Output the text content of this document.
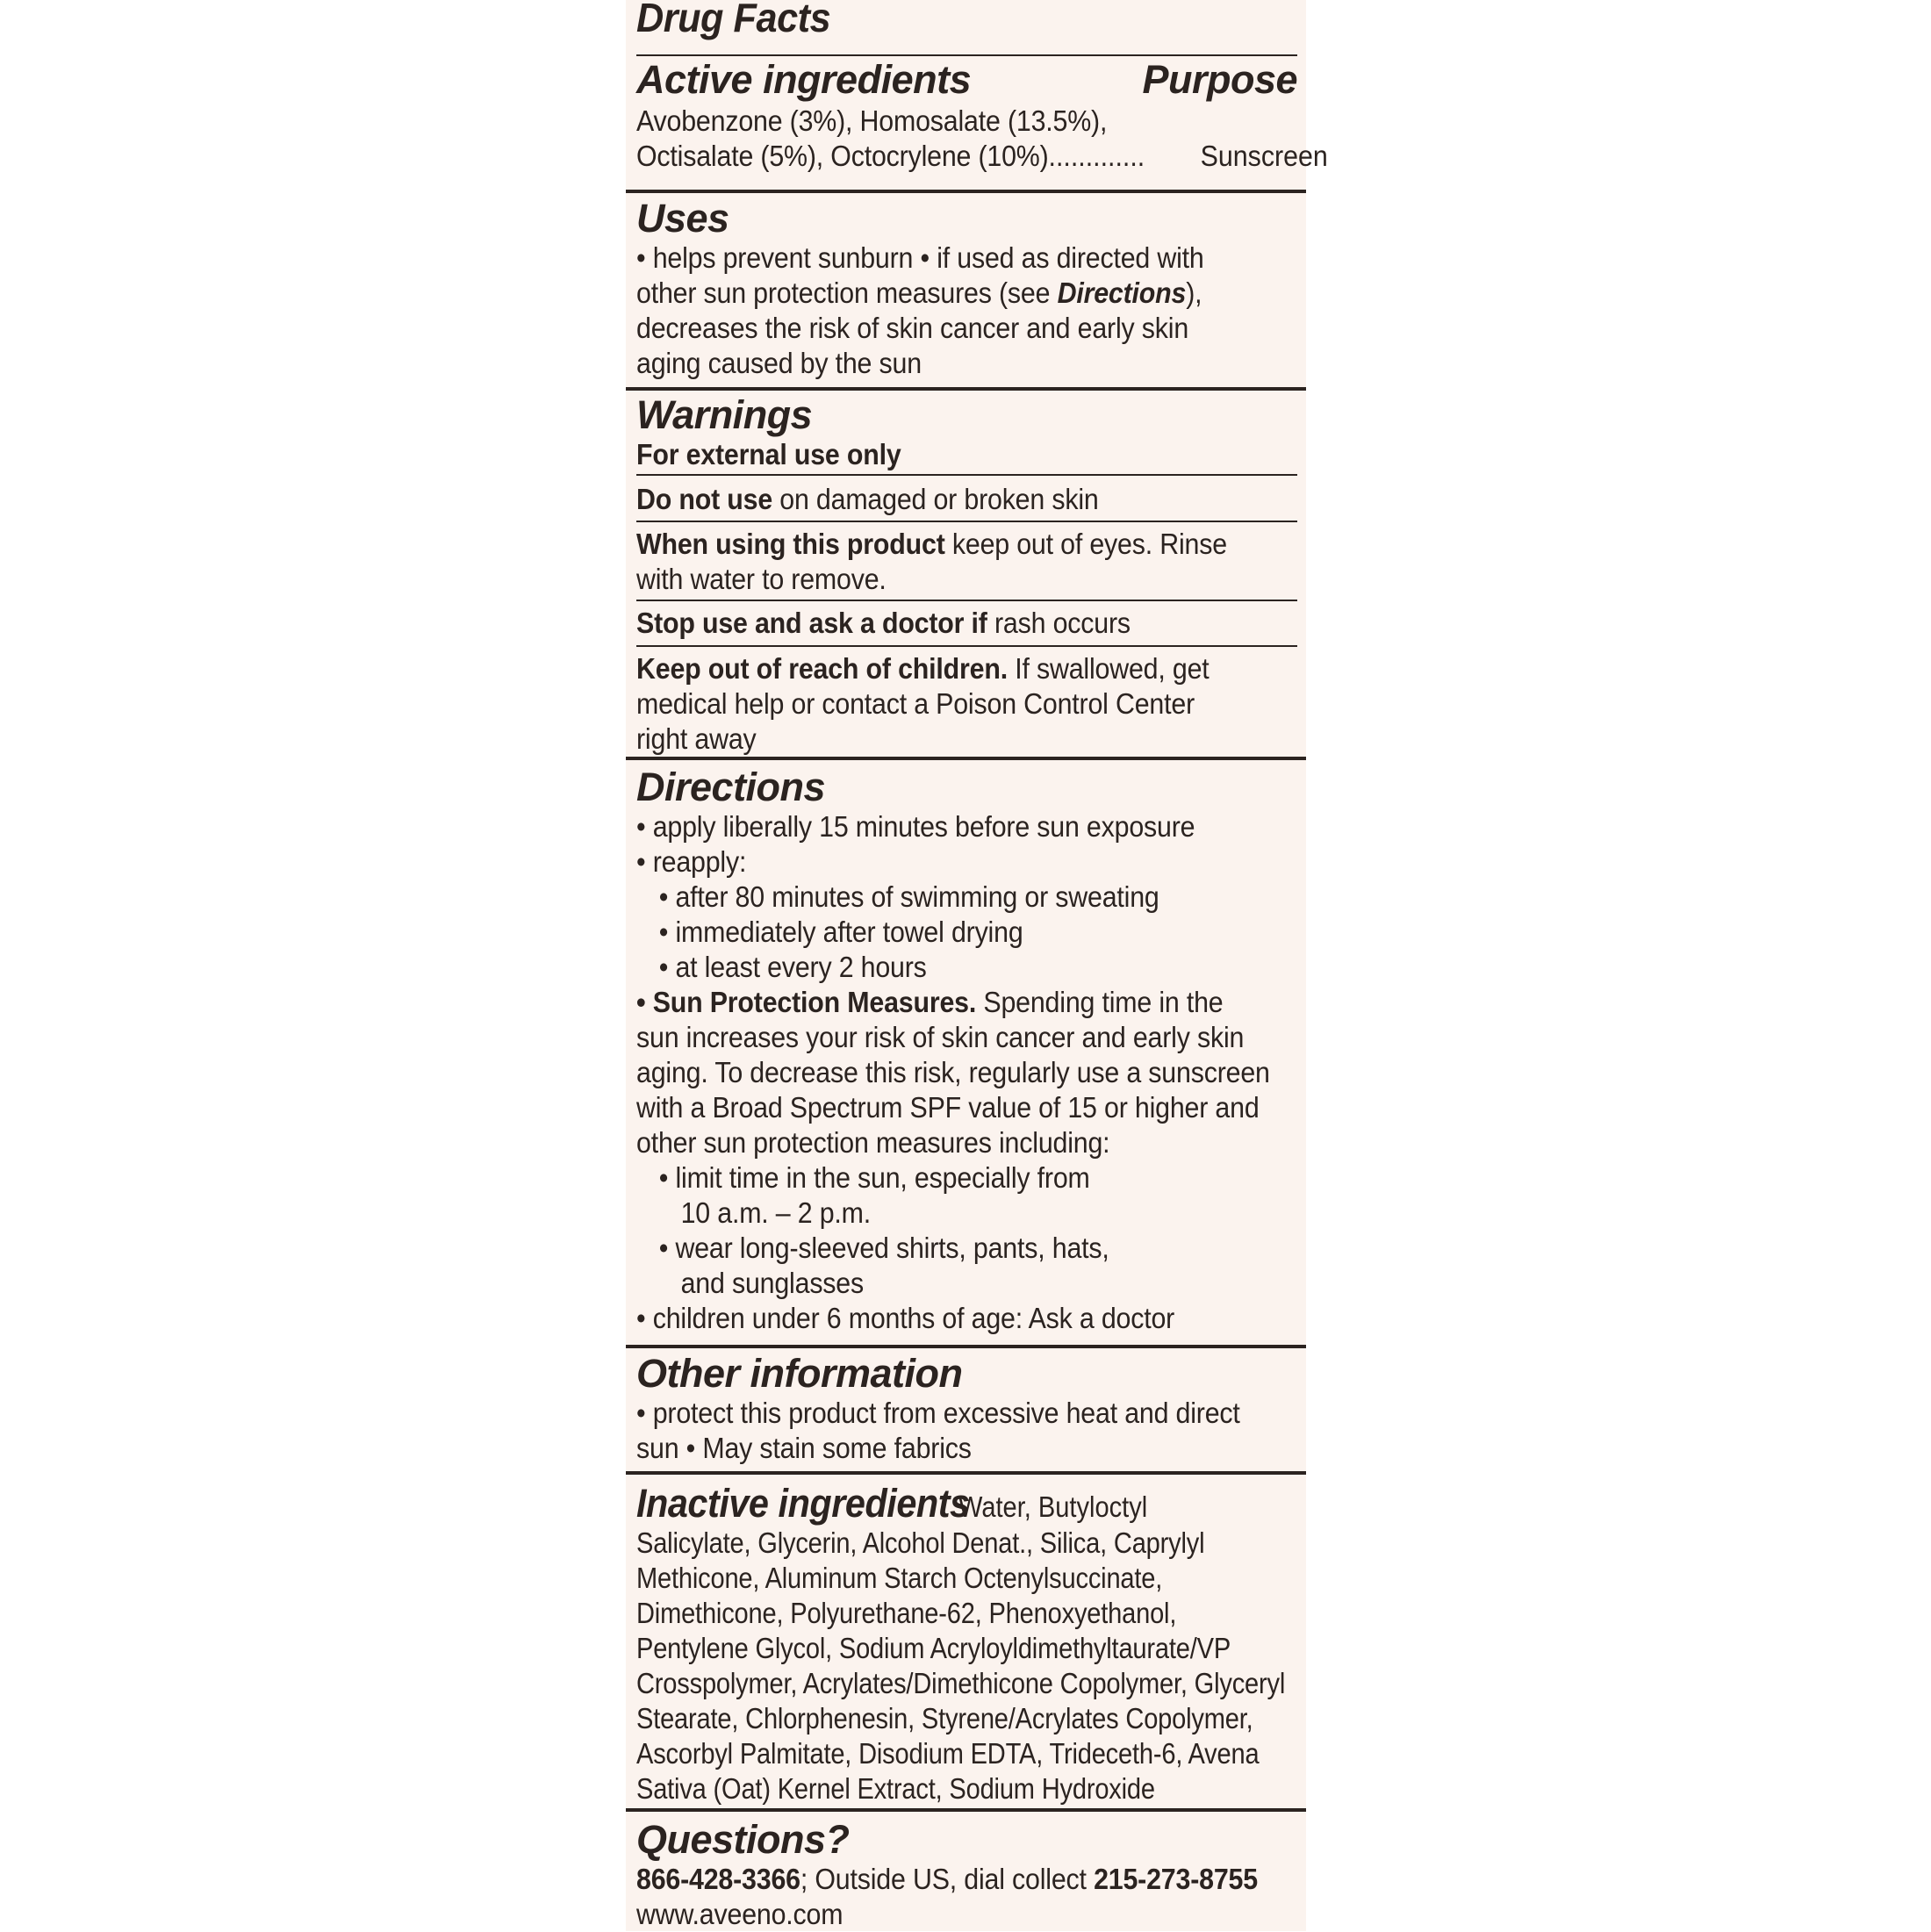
Drug Facts
Active ingredients	Purpose
Avobenzone (3%), Homosalate (13.5%),
Octisalate (5%), Octocrylene (10%)............. Sunscreen
Uses
• helps prevent sunburn • if used as directed with
other sun protection measures (see Directions),
decreases the risk of skin cancer and early skin
aging caused by the sun
Warnings
For external use only
Do not use on damaged or broken skin
When using this product keep out of eyes. Rinse
with water to remove.
Stop use and ask a doctor if rash occurs
Keep out of reach of children. If swallowed, get
medical help or contact a Poison Control Center
right away
Directions
• apply liberally 15 minutes before sun exposure
• reapply:
• after 80 minutes of swimming or sweating
• immediately after towel drying
• at least every 2 hours
• Sun Protection Measures. Spending time in the
sun increases your risk of skin cancer and early skin
aging. To decrease this risk, regularly use a sunscreen
with a Broad Spectrum SPF value of 15 or higher and
other sun protection measures including:
• limit time in the sun, especially from
10 a.m. – 2 p.m.
• wear long-sleeved shirts, pants, hats,
and sunglasses
• children under 6 months of age: Ask a doctor
Other information
• protect this product from excessive heat and direct
sun • May stain some fabrics
Inactive ingredientsWater, Butyloctyl
Salicylate, Glycerin, Alcohol Denat., Silica, Caprylyl
Methicone, Aluminum Starch Octenylsuccinate,
Dimethicone, Polyurethane-62, Phenoxyethanol,
Pentylene Glycol, Sodium Acryloyldimethyltaurate/VP
Crosspolymer, Acrylates/Dimethicone Copolymer, Glyceryl
Stearate, Chlorphenesin, Styrene/Acrylates Copolymer,
Ascorbyl Palmitate, Disodium EDTA, Trideceth-6, Avena
Sativa (Oat) Kernel Extract, Sodium Hydroxide
Questions?
866-428-3366; Outside US, dial collect 215-273-8755
www.aveeno.com
